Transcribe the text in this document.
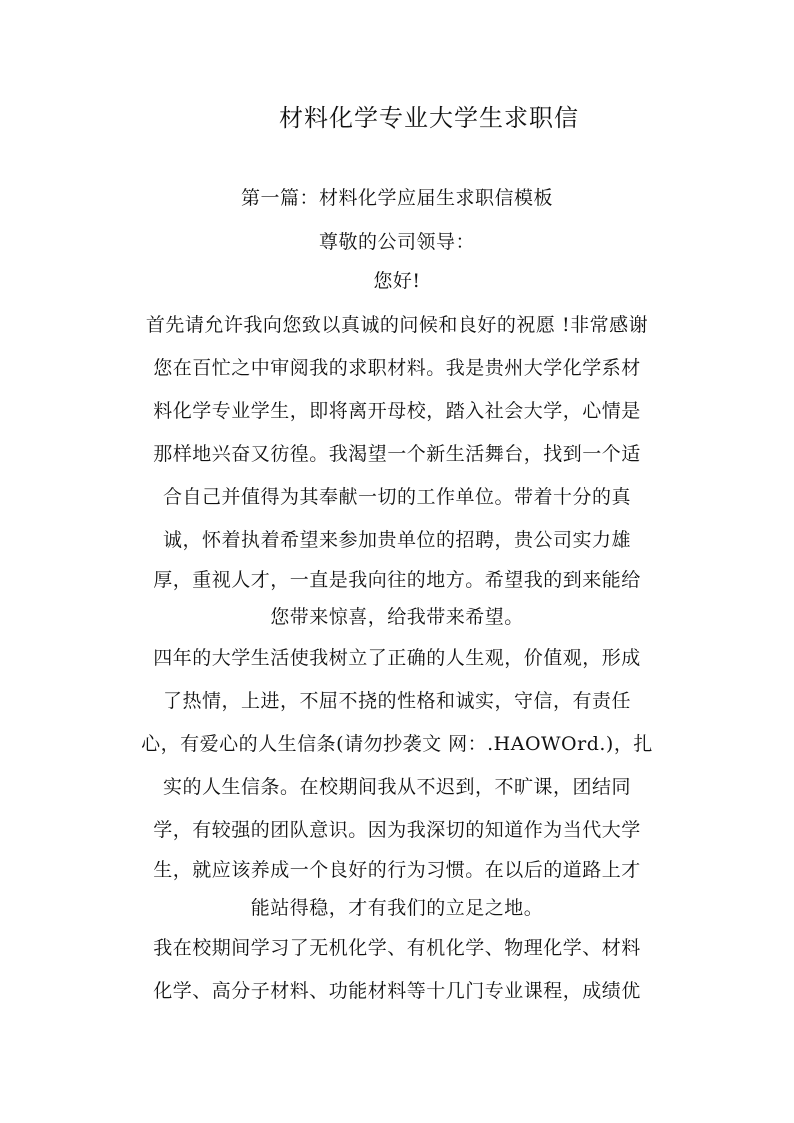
材料化学专业大学生求职信
第一篇：材料化学应届生求职信模板
尊敬的公司领导：
您好!
首先请允许我向您致以真诚的问候和良好的祝愿 !非常感谢
您在百忙之中审阅我的求职材料。我是贵州大学化学系材
料化学专业学生，即将离开母校，踏入社会大学，心情是
那样地兴奋又彷徨。我渴望一个新生活舞台，找到一个适
合自己并值得为其奉献一切的工作单位。带着十分的真
诚，怀着执着希望来参加贵单位的招聘，贵公司实力雄
厚，重视人才，一直是我向往的地方。希望我的到来能给
您带来惊喜，给我带来希望。
四年的大学生活使我树立了正确的人生观，价值观，形成
了热情，上进，不屈不挠的性格和诚实，守信，有责任
心，有爱心的人生信条(请勿抄袭文 网：.HAOWOrd.)，扎
实的人生信条。在校期间我从不迟到，不旷课，团结同
学，有较强的团队意识。因为我深切的知道作为当代大学
生，就应该养成一个良好的行为习惯。在以后的道路上才
能站得稳，才有我们的立足之地。
我在校期间学习了无机化学、有机化学、物理化学、材料
化学、高分子材料、功能材料等十几门专业课程，成绩优
